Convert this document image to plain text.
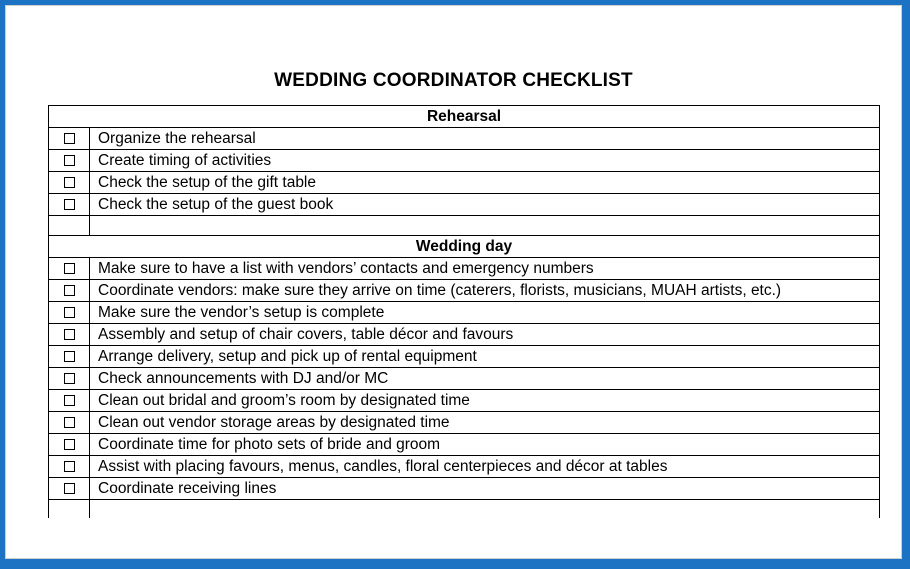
WEDDING COORDINATOR CHECKLIST
Rehearsal	
	Organize the rehearsal
	Create timing of activities
	Check the setup of the gift table
	Check the setup of the guest book

Wedding day	
	Make sure to have a list with vendors’ contacts and emergency numbers
	Coordinate vendors: make sure they arrive on time (caterers, florists, musicians, MUAH artists, etc.)
	Make sure the vendor’s setup is complete
	Assembly and setup of chair covers, table décor and favours
	Arrange delivery, setup and pick up of rental equipment
	Check announcements with DJ and/or MC
	Clean out bridal and groom’s room by designated time
	Clean out vendor storage areas by designated time
	Coordinate time for photo sets of bride and groom
	Assist with placing favours, menus, candles, floral centerpieces and décor at tables
	Coordinate receiving lines
